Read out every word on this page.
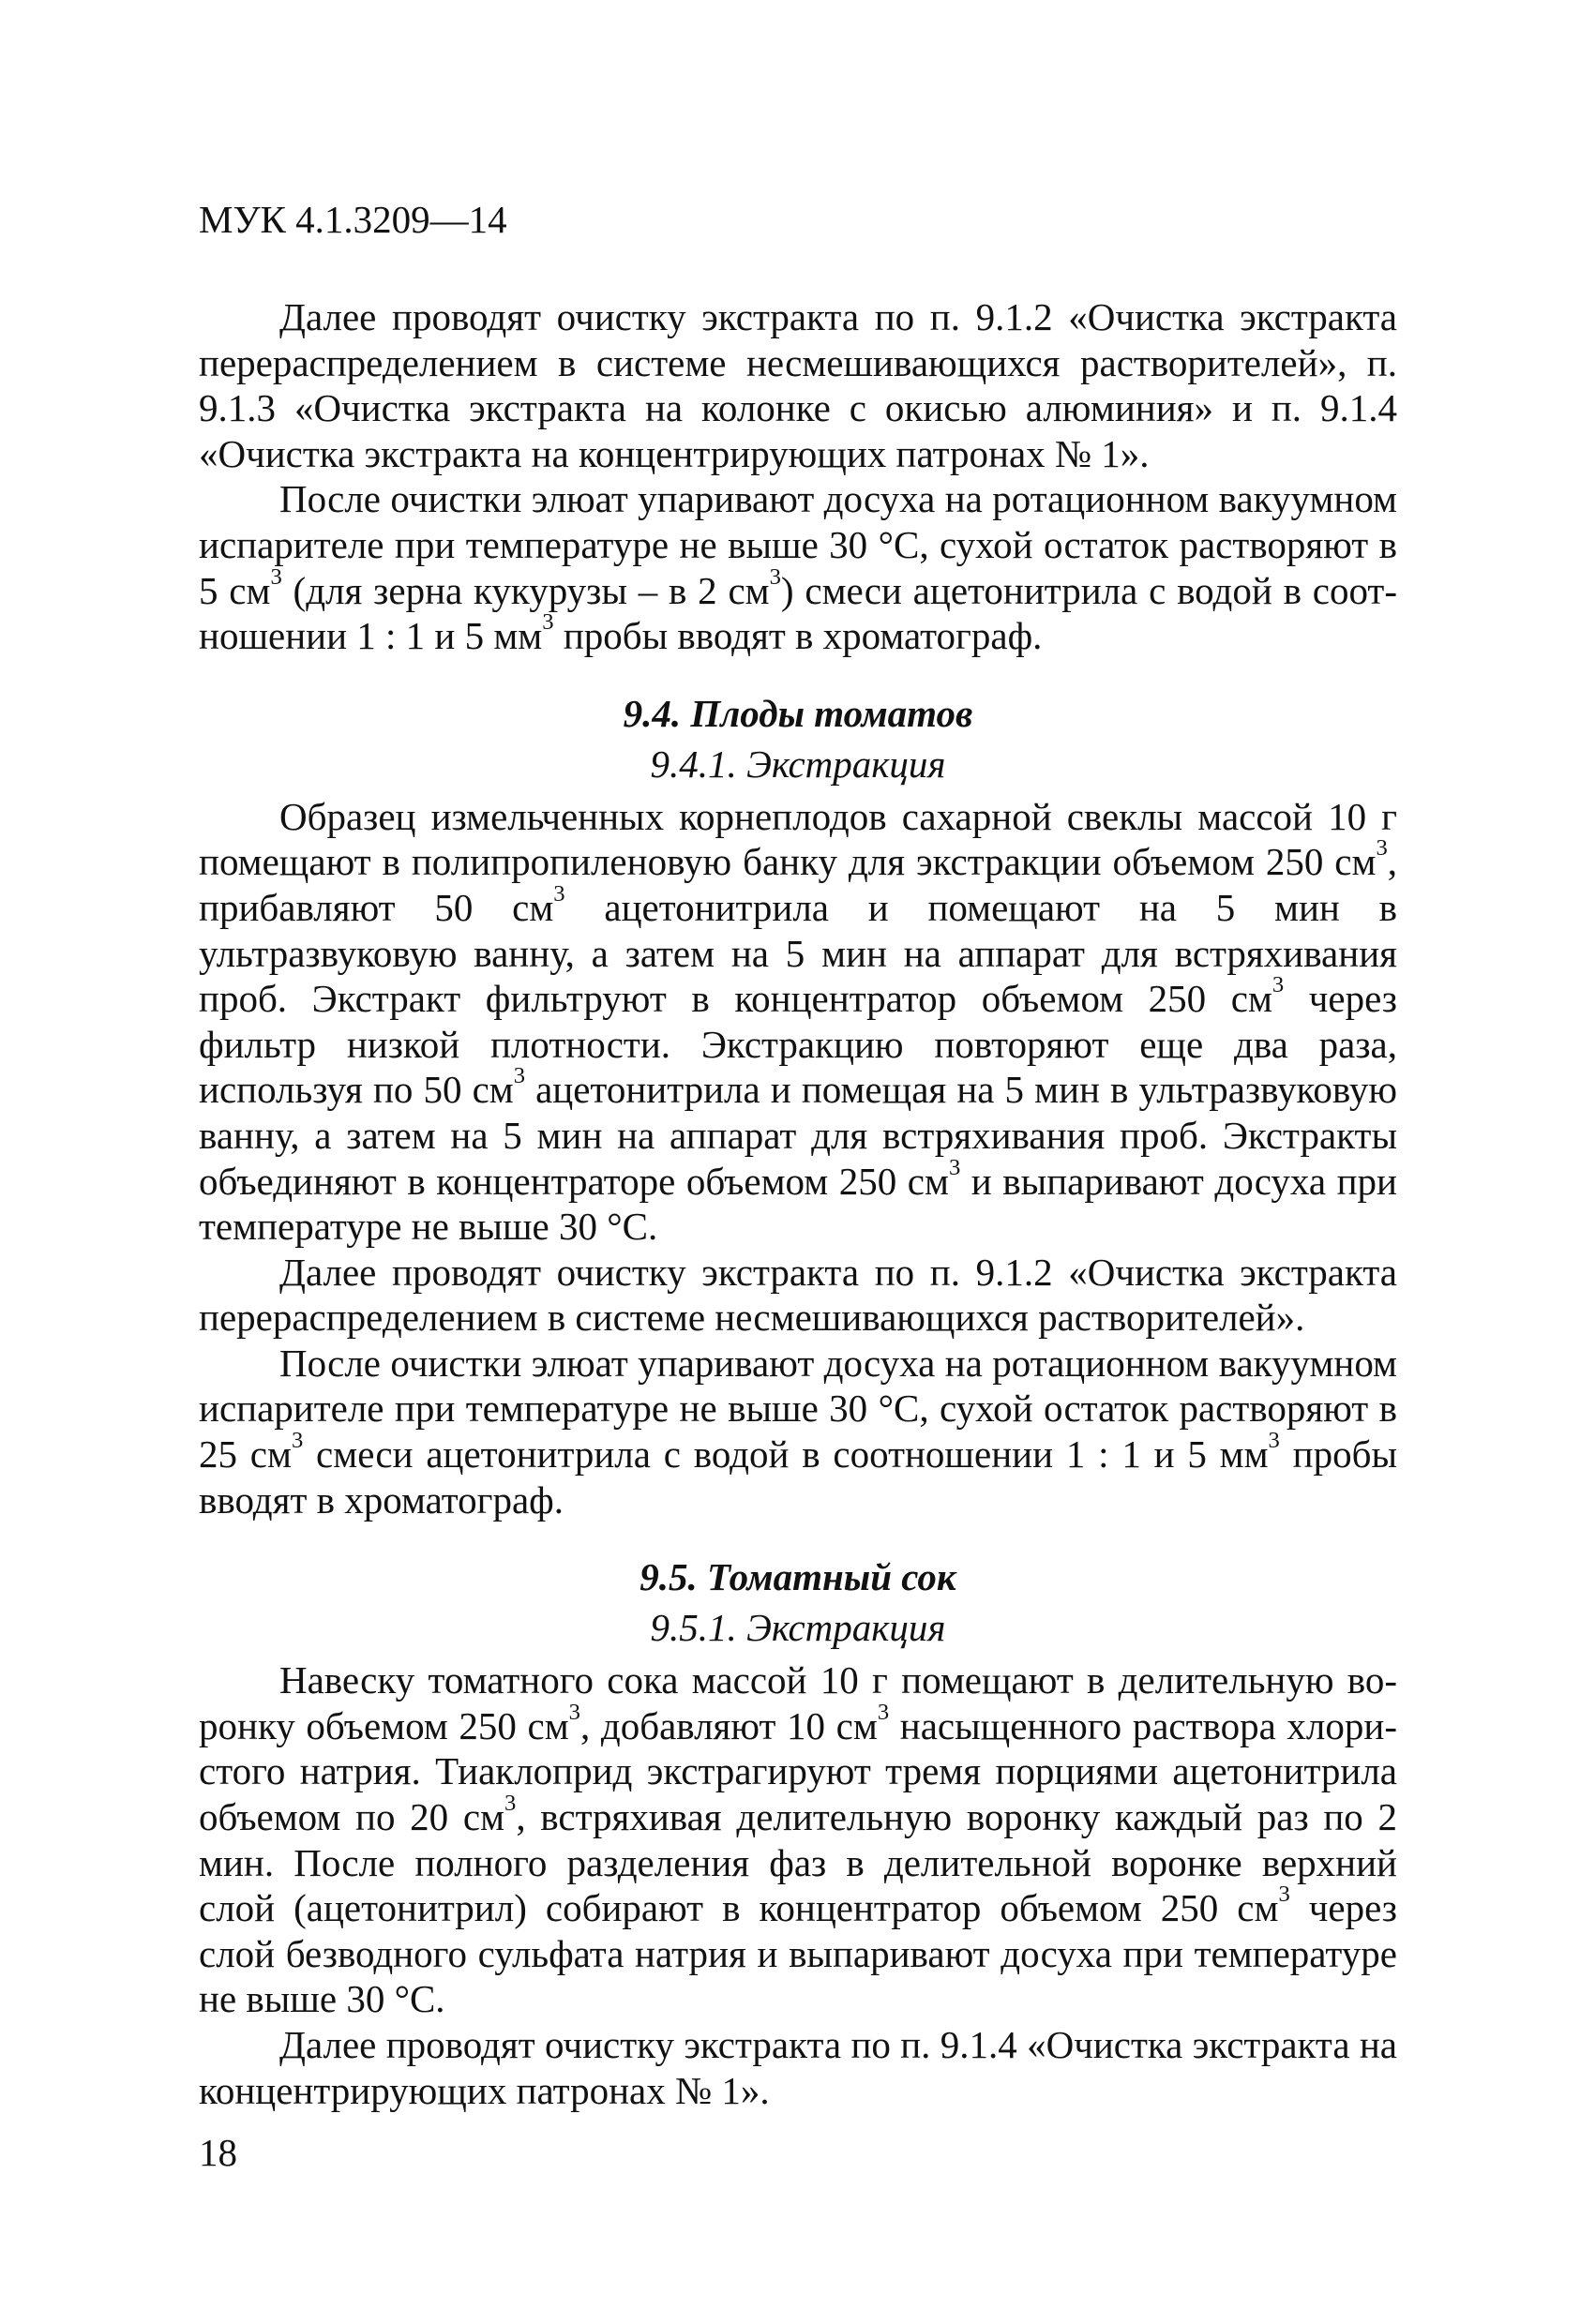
МУК 4.1.3209—14

Далее проводят очистку экстракта по п. 9.1.2 «Очистка экстракта перераспределением в системе несмешивающихся растворителей», п. 9.1.3 «Очистка экстракта на колонке с окисью алюминия» и п. 9.1.4 «Очистка экстракта на концентрирующих патронах № 1».

После очистки элюат упаривают досуха на ротационном вакуумном испарителе при температуре не выше 30 °С, сухой остаток растворяют в 5 $см^3$ (для зерна кукурузы – в 2 $см^3$) смеси ацетонитрила с водой в соотношении 1 : 1 и 5 $мм^3$ пробы вводят в хроматограф.

9.4. Плоды томатов
9.4.1. Экстракция

Образец измельченных корнеплодов сахарной свеклы массой 10 г помещают в полипропиленовую банку для экстракции объемом 250 $см^3$, прибавляют 50 $см^3$ ацетонитрила и помещают на 5 мин в ультразвуковую ванну, а затем на 5 мин на аппарат для встряхивания проб. Экстракт фильтруют в концентратор объемом 250 $см^3$ через фильтр низкой плотности. Экстракцию повторяют еще два раза, используя по 50 $см^3$ ацетонитрила и помещая на 5 мин в ультразвуковую ванну, а затем на 5 мин на аппарат для встряхивания проб. Экстракты объединяют в концентраторе объемом 250 $см^3$ и выпаривают досуха при температуре не выше 30 °С.

Далее проводят очистку экстракта по п. 9.1.2 «Очистка экстракта перераспределением в системе несмешивающихся растворителей».

После очистки элюат упаривают досуха на ротационном вакуумном испарителе при температуре не выше 30 °С, сухой остаток растворяют в 25 $см^3$ смеси ацетонитрила с водой в соотношении 1 : 1 и 5 $мм^3$ пробы вводят в хроматограф.

9.5. Томатный сок
9.5.1. Экстракция

Навеску томатного сока массой 10 г помещают в делительную воронку объемом 250 $см^3$, добавляют 10 $см^3$ насыщенного раствора хлористого натрия. Тиаклоприд экстрагируют тремя порциями ацетонитрила объемом по 20 $см^3$, встряхивая делительную воронку каждый раз по 2 мин. После полного разделения фаз в делительной воронке верхний слой (ацетонитрил) собирают в концентратор объемом 250 $см^3$ через слой безводного сульфата натрия и выпаривают досуха при температуре не выше 30 °С.

Далее проводят очистку экстракта по п. 9.1.4 «Очистка экстракта на концентрирующих патронах № 1».

18
